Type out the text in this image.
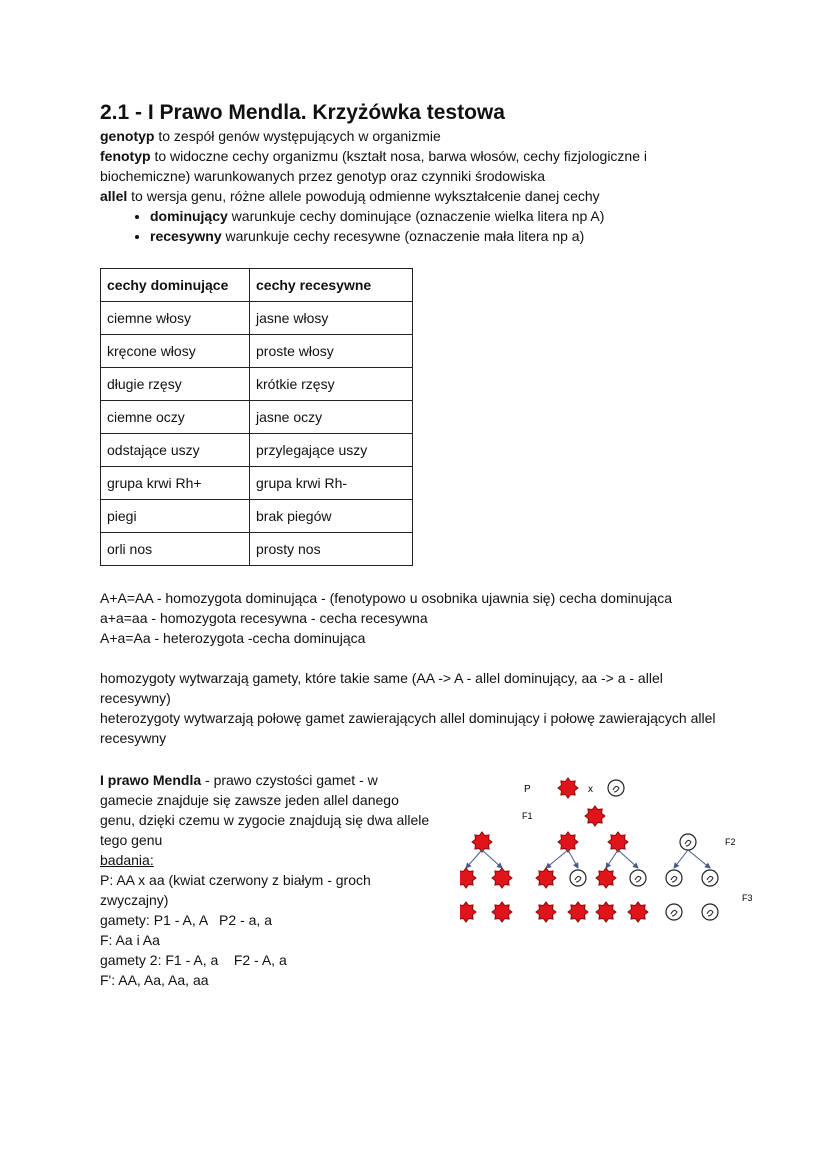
2.1 - I Prawo Mendla. Krzyżówka testowa

genotyp to zespół genów występujących w organizmie

fenotyp to widoczne cechy organizmu (kształt nosa, barwa włosów, cechy fizjologiczne i biochemiczne) warunkowanych przez genotyp oraz czynniki środowiska

allel to wersja genu, różne allele powodują odmienne wykształcenie danej cechy

• dominujący warunkuje cechy dominujące (oznaczenie wielka litera np A)
• recesywny warunkuje cechy recesywne (oznaczenie mała litera np a)
cechy dominujące	cechy recesywne
ciemne włosy	jasne włosy
kręcone włosy	proste włosy
długie rzęsy	krótkie rzęsy
ciemne oczy	jasne oczy
odstające uszy	przylegające uszy
grupa krwi Rh+	grupa krwi Rh-
piegi	brak piegów
orli nos	prosty nos

A+A=AA - homozygota dominująca - (fenotypowo u osobnika ujawnia się) cecha dominująca

a+a=aa - homozygota recesywna - cecha recesywna

A+a=Aa - heterozygota -cecha dominująca

homozygoty wytwarzają gamety, które takie same (AA -> A - allel dominujący, aa -> a - allel recesywny)

heterozygoty wytwarzają połowę gamet zawierających allel dominujący i połowę zawierających allel recesywny

I prawo Mendla - prawo czystości gamet - w gamecie znajduje się zawsze jeden allel danego genu, dzięki czemu w zygocie znajdują się dwa allele tego genu

badania:

P: AA x aa (kwiat czerwony z białym - groch zwyczajny)

gamety: P1 - A, A   P2 - a, a

F: Aa i Aa

gamety 2: F1 - A, a    F2 - A, a

F': AA, Aa, Aa, aa

P	x
F1
F2
F3
